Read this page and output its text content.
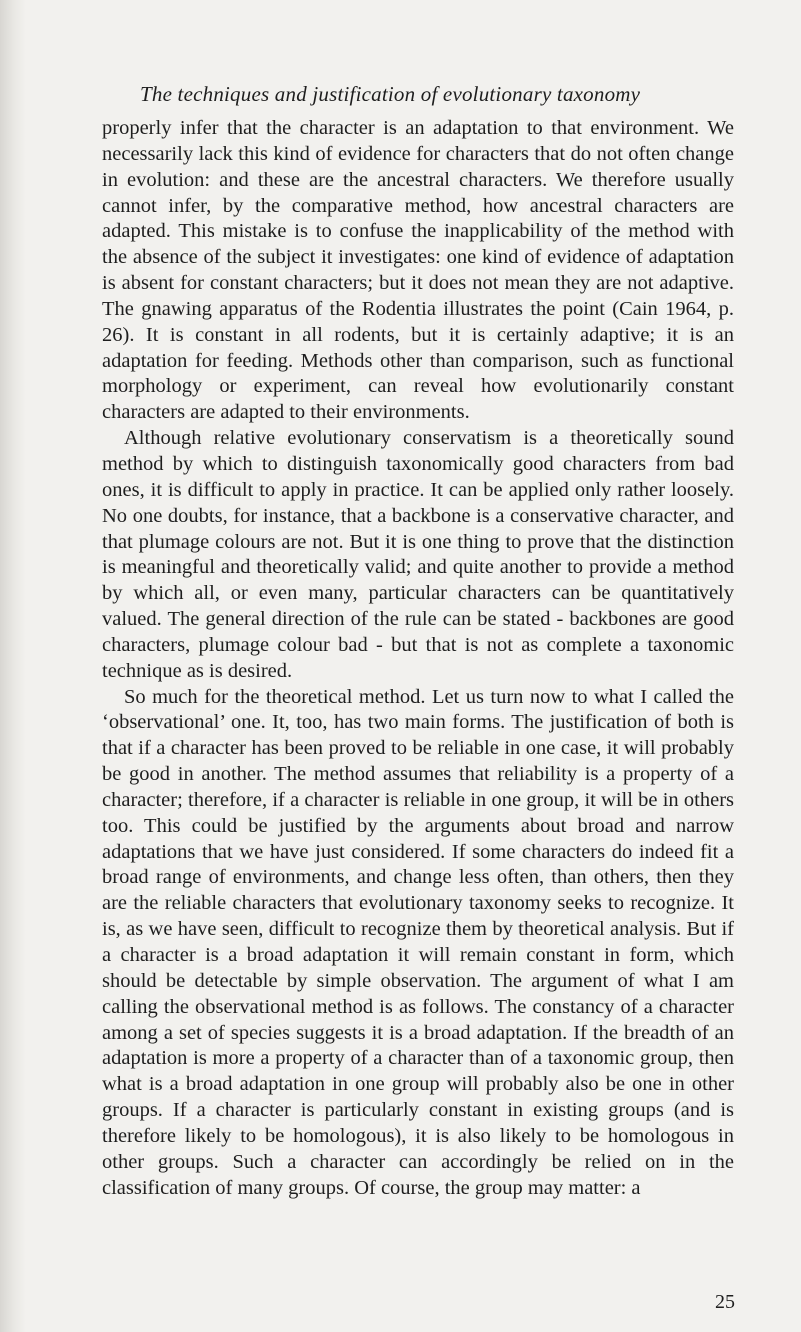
The techniques and justification of evolutionary taxonomy

properly infer that the character is an adaptation to that environment. We necessarily lack this kind of evidence for characters that do not often change in evolution: and these are the ancestral characters. We therefore usually cannot infer, by the comparative method, how ancestral characters are adapted. This mistake is to confuse the inapplicability of the method with the absence of the subject it investigates: one kind of evidence of adaptation is absent for constant characters; but it does not mean they are not adaptive. The gnawing apparatus of the Rodentia illustrates the point (Cain 1964, p. 26). It is constant in all rodents, but it is certainly adaptive; it is an adaptation for feeding. Methods other than comparison, such as functional morphology or experiment, can reveal how evolutionarily constant characters are adapted to their environments.

Although relative evolutionary conservatism is a theoretically sound method by which to distinguish taxonomically good characters from bad ones, it is difficult to apply in practice. It can be applied only rather loosely. No one doubts, for instance, that a backbone is a conservative character, and that plumage colours are not. But it is one thing to prove that the distinction is meaningful and theoretically valid; and quite another to provide a method by which all, or even many, particular characters can be quantitatively valued. The general direction of the rule can be stated - backbones are good characters, plumage colour bad - but that is not as complete a taxonomic technique as is desired.

So much for the theoretical method. Let us turn now to what I called the ‘observational’ one. It, too, has two main forms. The justification of both is that if a character has been proved to be reliable in one case, it will probably be good in another. The method assumes that reliability is a property of a character; therefore, if a character is reliable in one group, it will be in others too. This could be justified by the arguments about broad and narrow adaptations that we have just considered. If some characters do indeed fit a broad range of environments, and change less often, than others, then they are the reliable characters that evolutionary taxonomy seeks to recognize. It is, as we have seen, difficult to recognize them by theoretical analysis. But if a character is a broad adaptation it will remain constant in form, which should be detectable by simple observation. The argument of what I am calling the observational method is as follows. The constancy of a character among a set of species suggests it is a broad adaptation. If the breadth of an adaptation is more a property of a character than of a taxonomic group, then what is a broad adaptation in one group will probably also be one in other groups. If a character is particularly constant in existing groups (and is therefore likely to be homologous), it is also likely to be homologous in other groups. Such a character can accordingly be relied on in the classification of many groups. Of course, the group may matter: a

25
